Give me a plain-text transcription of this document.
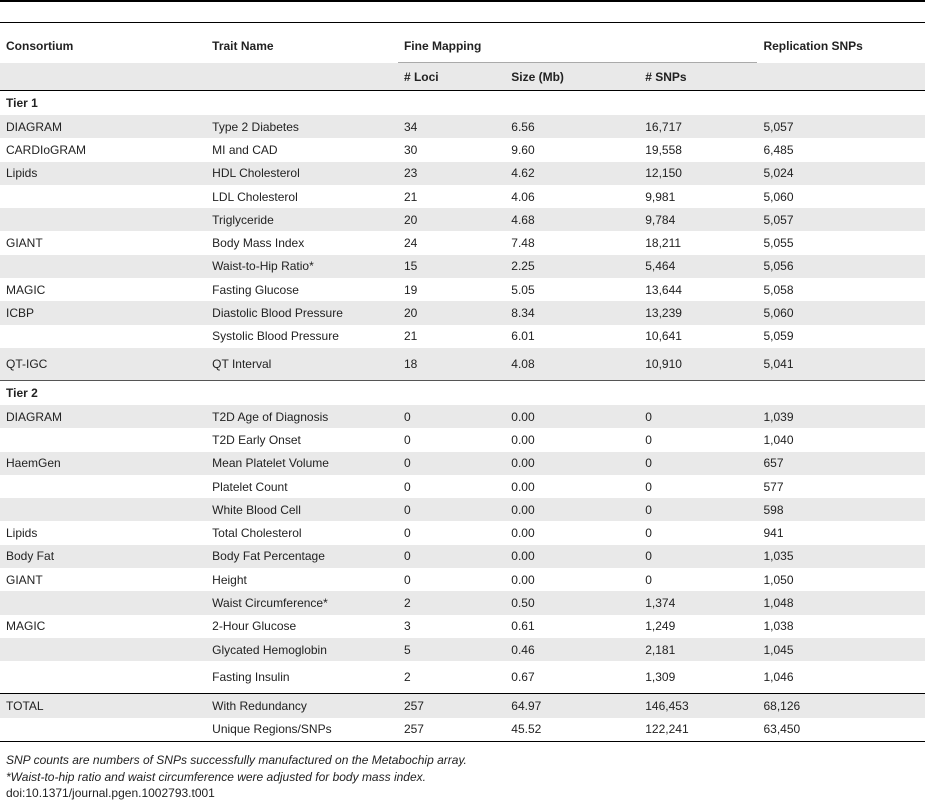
Consortium	Trait Name	Fine Mapping			Replication SNPs
		# Loci	Size (Mb)	# SNPs	
Tier 1					
DIAGRAM	Type 2 Diabetes	34	6.56	16,717	5,057
CARDIoGRAM	MI and CAD	30	9.60	19,558	6,485
Lipids	HDL Cholesterol	23	4.62	12,150	5,024
	LDL Cholesterol	21	4.06	9,981	5,060
	Triglyceride	20	4.68	9,784	5,057
GIANT	Body Mass Index	24	7.48	18,211	5,055
	Waist-to-Hip Ratio*	15	2.25	5,464	5,056
MAGIC	Fasting Glucose	19	5.05	13,644	5,058
ICBP	Diastolic Blood Pressure	20	8.34	13,239	5,060
	Systolic Blood Pressure	21	6.01	10,641	5,059
QT-IGC	QT Interval	18	4.08	10,910	5,041
Tier 2					
DIAGRAM	T2D Age of Diagnosis	0	0.00	0	1,039
	T2D Early Onset	0	0.00	0	1,040
HaemGen	Mean Platelet Volume	0	0.00	0	657
	Platelet Count	0	0.00	0	577
	White Blood Cell	0	0.00	0	598
Lipids	Total Cholesterol	0	0.00	0	941
Body Fat	Body Fat Percentage	0	0.00	0	1,035
GIANT	Height	0	0.00	0	1,050
	Waist Circumference*	2	0.50	1,374	1,048
MAGIC	2-Hour Glucose	3	0.61	1,249	1,038
	Glycated Hemoglobin	5	0.46	2,181	1,045
	Fasting Insulin	2	0.67	1,309	1,046
TOTAL	With Redundancy	257	64.97	146,453	68,126
	Unique Regions/SNPs	257	45.52	122,241	63,450
SNP counts are numbers of SNPs successfully manufactured on the Metabochip array.
*Waist-to-hip ratio and waist circumference were adjusted for body mass index.
doi:10.1371/journal.pgen.1002793.t001
